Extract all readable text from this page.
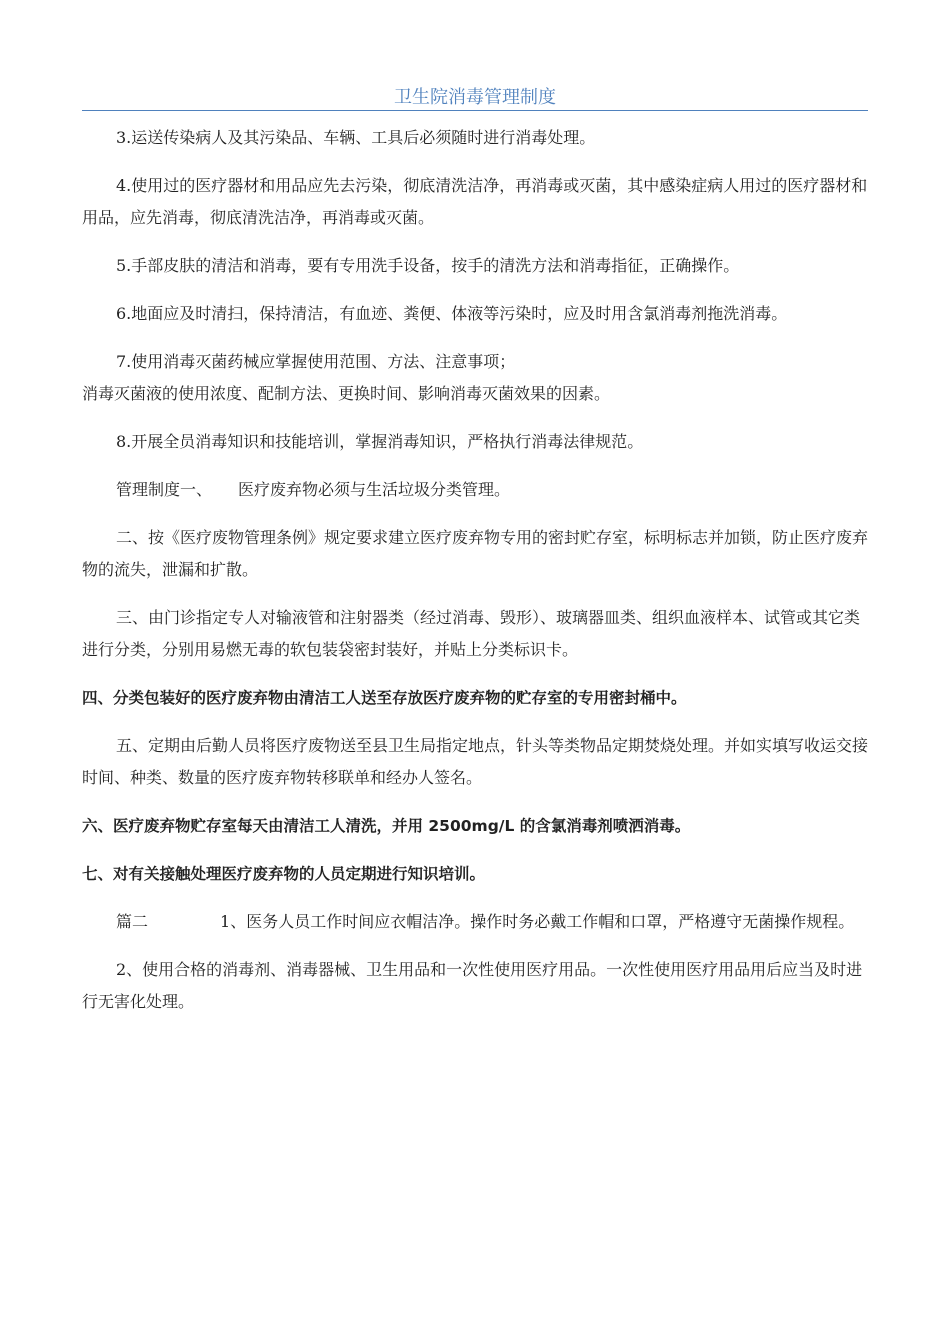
卫生院消毒管理制度

3.运送传染病人及其污染品、车辆、工具后必须随时进行消毒处理。

4.使用过的医疗器材和用品应先去污染，彻底清洗洁净，再消毒或灭菌，其中感染症病人用过的医疗器材和用品，应先消毒，彻底清洗洁净，再消毒或灭菌。

5.手部皮肤的清洁和消毒，要有专用洗手设备，按手的清洗方法和消毒指征，正确操作。

6.地面应及时清扫，保持清洁，有血迹、粪便、体液等污染时，应及时用含氯消毒剂拖洗消毒。

7.使用消毒灭菌药械应掌握使用范围、方法、注意事项；

消毒灭菌液的使用浓度、配制方法、更换时间、影响消毒灭菌效果的因素。

8.开展全员消毒知识和技能培训，掌握消毒知识，严格执行消毒法律规范。

管理制度一、 医疗废弃物必须与生活垃圾分类管理。

二、按《医疗废物管理条例》规定要求建立医疗废弃物专用的密封贮存室，标明标志并加锁，防止医疗废弃物的流失，泄漏和扩散。

三、由门诊指定专人对输液管和注射器类（经过消毒、毁形）、玻璃器皿类、组织血液样本、试管或其它类进行分类，分别用易燃无毒的软包装袋密封装好，并贴上分类标识卡。

四、分类包装好的医疗废弃物由清洁工人送至存放医疗废弃物的贮存室的专用密封桶中。

五、定期由后勤人员将医疗废物送至县卫生局指定地点，针头等类物品定期焚烧处理。并如实填写收运交接时间、种类、数量的医疗废弃物转移联单和经办人签名。

六、医疗废弃物贮存室每天由清洁工人清洗，并用 2500mg/L 的含氯消毒剂喷洒消毒。

七、对有关接触处理医疗废弃物的人员定期进行知识培训。

篇二	1、医务人员工作时间应衣帽洁净。操作时务必戴工作帽和口罩，严格遵守无菌操作规程。

2、使用合格的消毒剂、消毒器械、卫生用品和一次性使用医疗用品。一次性使用医疗用品用后应当及时进行无害化处理。
